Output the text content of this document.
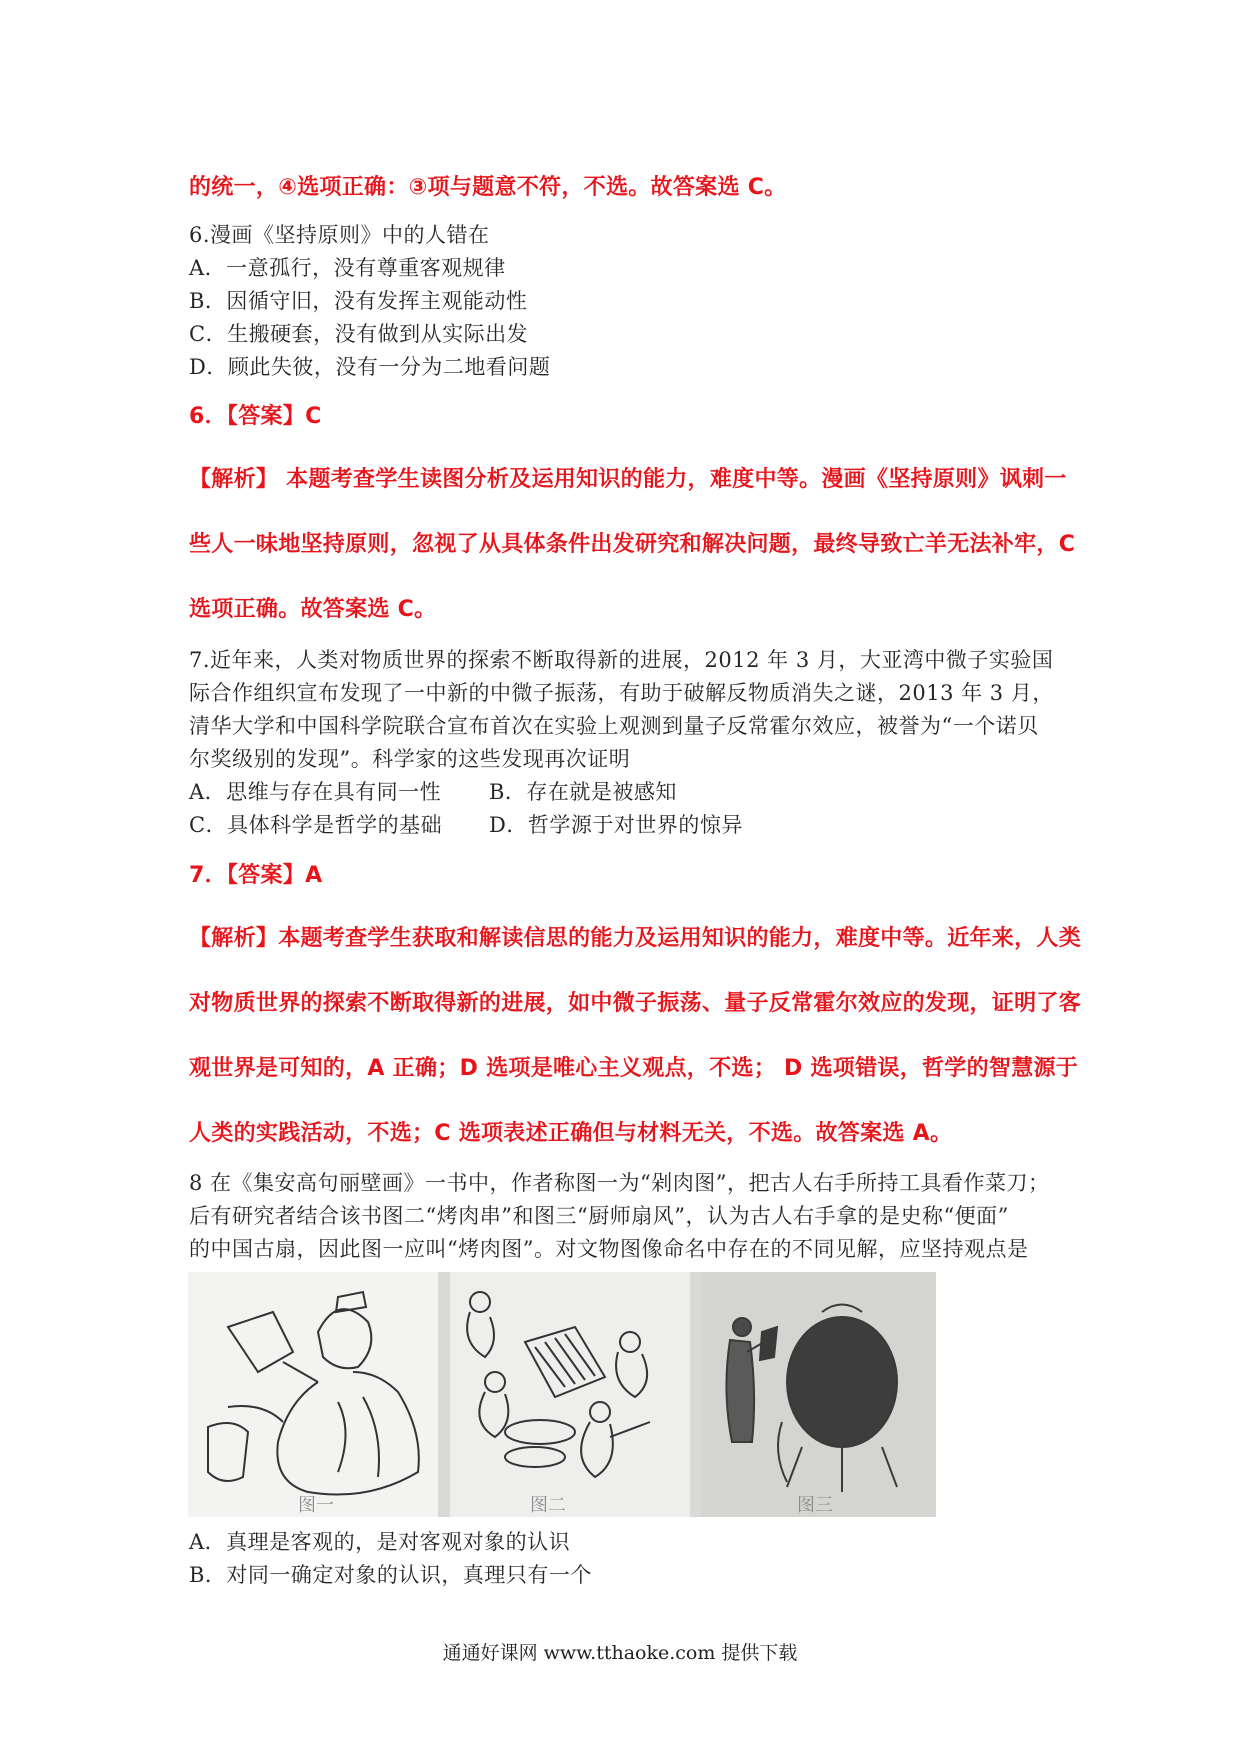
的统一，④选项正确：③项与题意不符，不选。故答案选 C。
6.漫画《坚持原则》中的人错在
A．一意孤行，没有尊重客观规律
B．因循守旧，没有发挥主观能动性
C．生搬硬套，没有做到从实际出发
D．顾此失彼，没有一分为二地看问题
6．【答案】C
【解析】 本题考查学生读图分析及运用知识的能力，难度中等。漫画《坚持原则》讽刺一
些人一味地坚持原则，忽视了从具体条件出发研究和解决问题，最终导致亡羊无法补牢，C
选项正确。故答案选 C。
7.近年来，人类对物质世界的探索不断取得新的进展，2012 年 3 月，大亚湾中微子实验国
际合作组织宣布发现了一中新的中微子振荡，有助于破解反物质消失之谜，2013 年 3 月，
清华大学和中国科学院联合宣布首次在实验上观测到量子反常霍尔效应，被誉为“一个诺贝
尔奖级别的发现”。科学家的这些发现再次证明
A．思维与存在具有同一性 B．存在就是被感知
C．具体科学是哲学的基础 D．哲学源于对世界的惊异
7．【答案】A
【解析】本题考查学生获取和解读信思的能力及运用知识的能力，难度中等。近年来，人类
对物质世界的探索不断取得新的进展，如中微子振荡、量子反常霍尔效应的发现，证明了客
观世界是可知的，A 正确；D 选项是唯心主义观点，不选； D 选项错误，哲学的智慧源于
人类的实践活动，不选；C 选项表述正确但与材料无关，不选。故答案选 A。
8 在《集安高句丽壁画》一书中，作者称图一为“剁肉图”，把古人右手所持工具看作菜刀；
后有研究者结合该书图二“烤肉串”和图三“厨师扇风”，认为古人右手拿的是史称“便面”
的中国古扇，因此图一应叫“烤肉图”。对文物图像命名中存在的不同见解，应坚持观点是
图一	图二	图三
A．真理是客观的，是对客观对象的认识
B．对同一确定对象的认识，真理只有一个
通通好课网 www.tthaoke.com 提供下载
